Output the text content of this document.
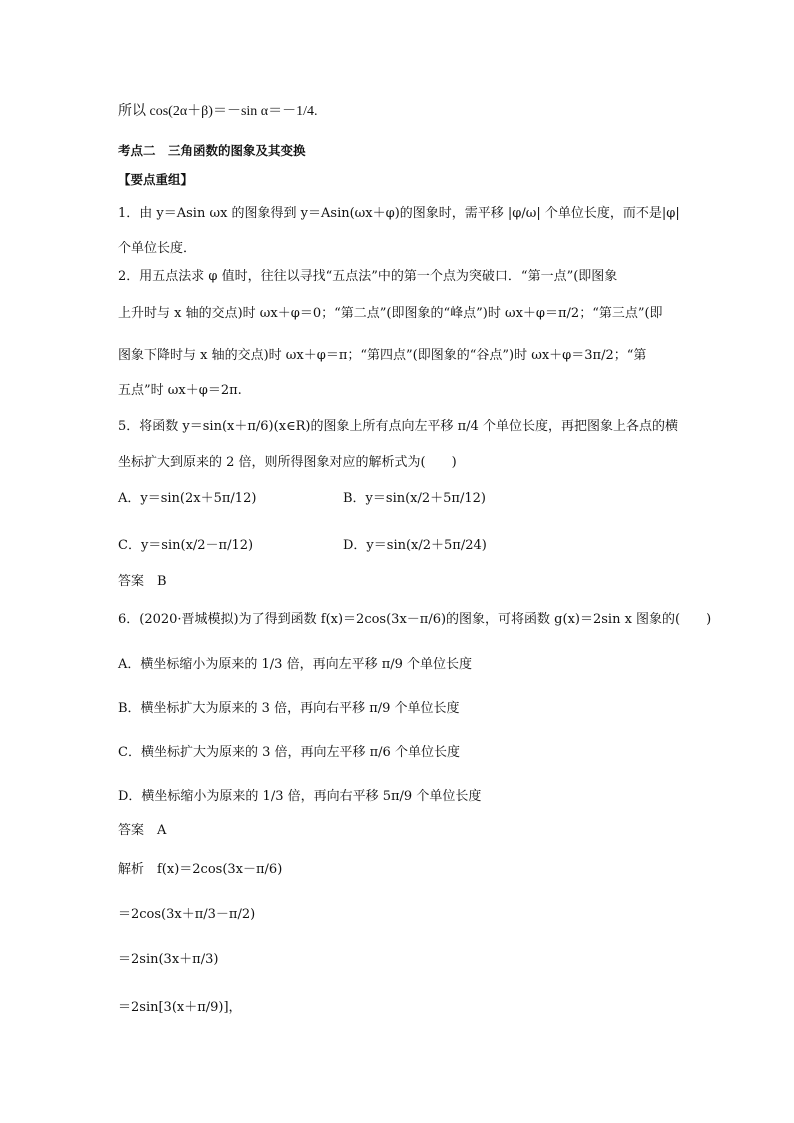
所以 cos(2α＋β)＝－sin α＝－1/4.
考点二　三角函数的图象及其变换
【要点重组】
1．由 y＝Asin ωx 的图象得到 y＝Asin(ωx＋φ)的图象时，需平移 |φ/ω| 个单位长度，而不是|φ|
个单位长度．
2．用五点法求 φ 值时，往往以寻找“五点法”中的第一个点为突破口．“第一点”(即图象
上升时与 x 轴的交点)时 ωx＋φ＝0；“第二点”(即图象的“峰点”)时 ωx＋φ＝π/2；“第三点”(即
图象下降时与 x 轴的交点)时 ωx＋φ＝π；“第四点”(即图象的“谷点”)时 ωx＋φ＝3π/2；“第
五点”时 ωx＋φ＝2π.
5．将函数 y＝sin(x＋π/6)(x∈R)的图象上所有点向左平移 π/4 个单位长度，再把图象上各点的横
坐标扩大到原来的 2 倍，则所得图象对应的解析式为(　　)
A．y＝sin(2x＋5π/12)	B．y＝sin(x/2＋5π/12)
C．y＝sin(x/2－π/12)	D．y＝sin(x/2＋5π/24)
答案　B
6．(2020·晋城模拟)为了得到函数 f(x)＝2cos(3x－π/6)的图象，可将函数 g(x)＝2sin x 图象的(　　)
A．横坐标缩小为原来的 1/3 倍，再向左平移 π/9 个单位长度
B．横坐标扩大为原来的 3 倍，再向右平移 π/9 个单位长度
C．横坐标扩大为原来的 3 倍，再向左平移 π/6 个单位长度
D．横坐标缩小为原来的 1/3 倍，再向右平移 5π/9 个单位长度
答案　A
解析　f(x)＝2cos(3x－π/6)
＝2cos(3x＋π/3－π/2)
＝2sin(3x＋π/3)
＝2sin[3(x＋π/9)]，
